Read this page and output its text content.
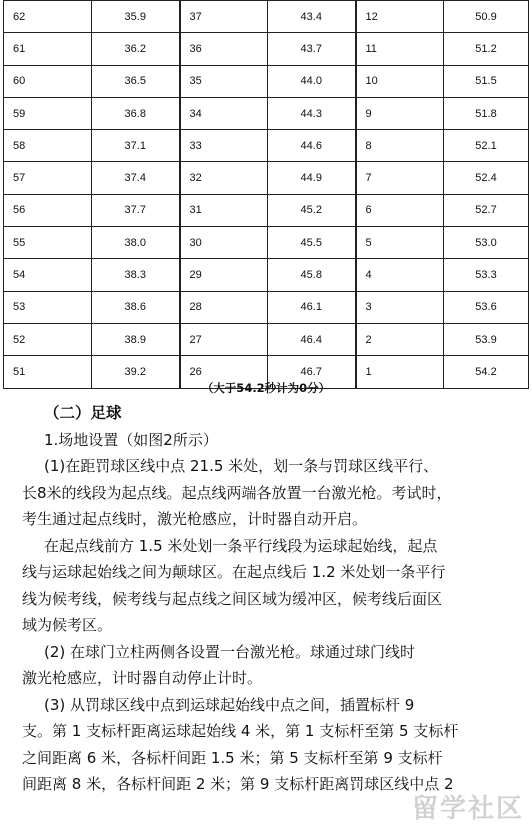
62	35.9	37	43.4	12	50.9
61	36.2	36	43.7	11	51.2
60	36.5	35	44.0	10	51.5
59	36.8	34	44.3	9	51.8
58	37.1	33	44.6	8	52.1
57	37.4	32	44.9	7	52.4
56	37.7	31	45.2	6	52.7
55	38.0	30	45.5	5	53.0
54	38.3	29	45.8	4	53.3
53	38.6	28	46.1	3	53.6
52	38.9	27	46.4	2	53.9
51	39.2	26	46.7	1	54.2
（大于54.2秒计为0分）

（二）足球

1.场地设置（如图2所示）

(1)在距罚球区线中点 21.5 米处，划一条与罚球区线平行、

长8米的线段为起点线。起点线两端各放置一台激光枪。考试时，

考生通过起点线时，激光枪感应，计时器自动开启。

在起点线前方 1.5 米处划一条平行线段为运球起始线，起点

线与运球起始线之间为颠球区。在起点线后 1.2 米处划一条平行

线为候考线，候考线与起点线之间区域为缓冲区，候考线后面区

域为候考区。

(2) 在球门立柱两侧各设置一台激光枪。球通过球门线时

激光枪感应，计时器自动停止计时。

(3) 从罚球区线中点到运球起始线中点之间，插置标杆 9

支。第 1 支标杆距离运球起始线 4 米，第 1 支标杆至第 5 支标杆

之间距离 6 米，各标杆间距 1.5 米；第 5 支标杆至第 9 支标杆

间距离 8 米，各标杆间距 2 米；第 9 支标杆距离罚球区线中点 2

留学社区
